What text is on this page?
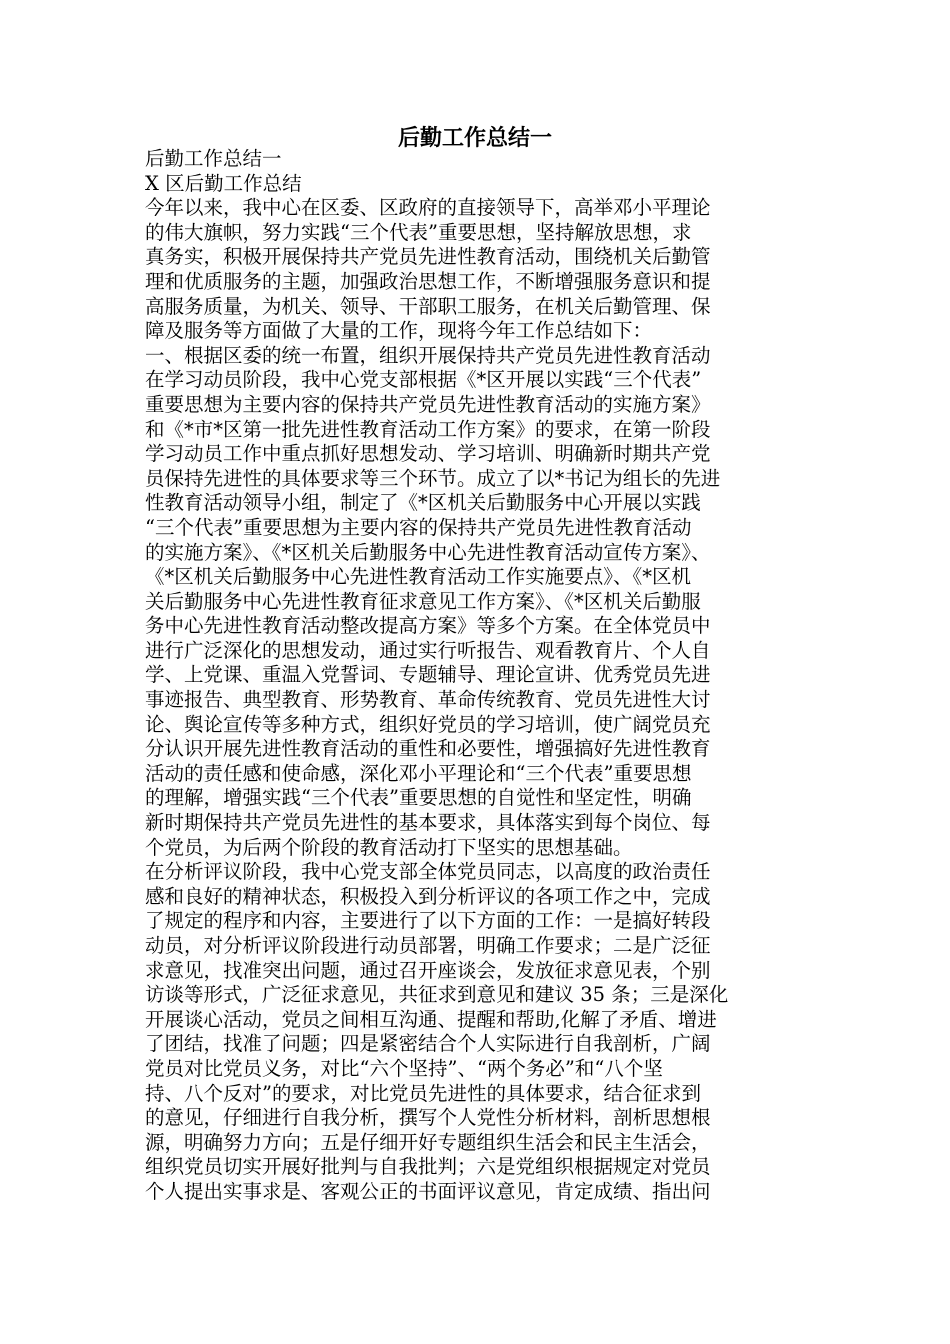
后勤工作总结一

后勤工作总结一

X 区后勤工作总结

今年以来，我中心在区委、区政府的直接领导下，高举邓小平理论

的伟大旗帜，努力实践“三个代表”重要思想，坚持解放思想，求

真务实，积极开展保持共产党员先进性教育活动，围绕机关后勤管

理和优质服务的主题，加强政治思想工作，不断增强服务意识和提

高服务质量，为机关、领导、干部职工服务，在机关后勤管理、保

障及服务等方面做了大量的工作，现将今年工作总结如下：

一、根据区委的统一布置，组织开展保持共产党员先进性教育活动

在学习动员阶段，我中心党支部根据《*区开展以实践“三个代表”

重要思想为主要内容的保持共产党员先进性教育活动的实施方案》

和《*市*区第一批先进性教育活动工作方案》的要求，在第一阶段

学习动员工作中重点抓好思想发动、学习培训、明确新时期共产党

员保持先进性的具体要求等三个环节。成立了以*书记为组长的先进

性教育活动领导小组，制定了《*区机关后勤服务中心开展以实践

“三个代表”重要思想为主要内容的保持共产党员先进性教育活动

的实施方案》、《*区机关后勤服务中心先进性教育活动宣传方案》、

《*区机关后勤服务中心先进性教育活动工作实施要点》、《*区机

关后勤服务中心先进性教育征求意见工作方案》、《*区机关后勤服

务中心先进性教育活动整改提高方案》等多个方案。在全体党员中

进行广泛深化的思想发动，通过实行听报告、观看教育片、个人自

学、上党课、重温入党誓词、专题辅导、理论宣讲、优秀党员先进

事迹报告、典型教育、形势教育、革命传统教育、党员先进性大讨

论、舆论宣传等多种方式，组织好党员的学习培训，使广阔党员充

分认识开展先进性教育活动的重性和必要性，增强搞好先进性教育

活动的责任感和使命感，深化邓小平理论和“三个代表”重要思想

的理解，增强实践“三个代表”重要思想的自觉性和坚定性，明确

新时期保持共产党员先进性的基本要求，具体落实到每个岗位、每

个党员，为后两个阶段的教育活动打下坚实的思想基础。

在分析评议阶段，我中心党支部全体党员同志，以高度的政治责任

感和良好的精神状态，积极投入到分析评议的各项工作之中，完成

了规定的程序和内容，主要进行了以下方面的工作：一是搞好转段

动员，对分析评议阶段进行动员部署，明确工作要求；二是广泛征

求意见，找准突出问题，通过召开座谈会，发放征求意见表，个别

访谈等形式，广泛征求意见，共征求到意见和建议 35 条；三是深化

开展谈心活动，党员之间相互沟通、提醒和帮助,化解了矛盾、增进

了团结，找准了问题；四是紧密结合个人实际进行自我剖析，广阔

党员对比党员义务，对比“六个坚持”、“两个务必”和“八个坚

持、八个反对”的要求，对比党员先进性的具体要求，结合征求到

的意见，仔细进行自我分析，撰写个人党性分析材料，剖析思想根

源，明确努力方向；五是仔细开好专题组织生活会和民主生活会，

组织党员切实开展好批判与自我批判；六是党组织根据规定对党员

个人提出实事求是、客观公正的书面评议意见，肯定成绩、指出问
